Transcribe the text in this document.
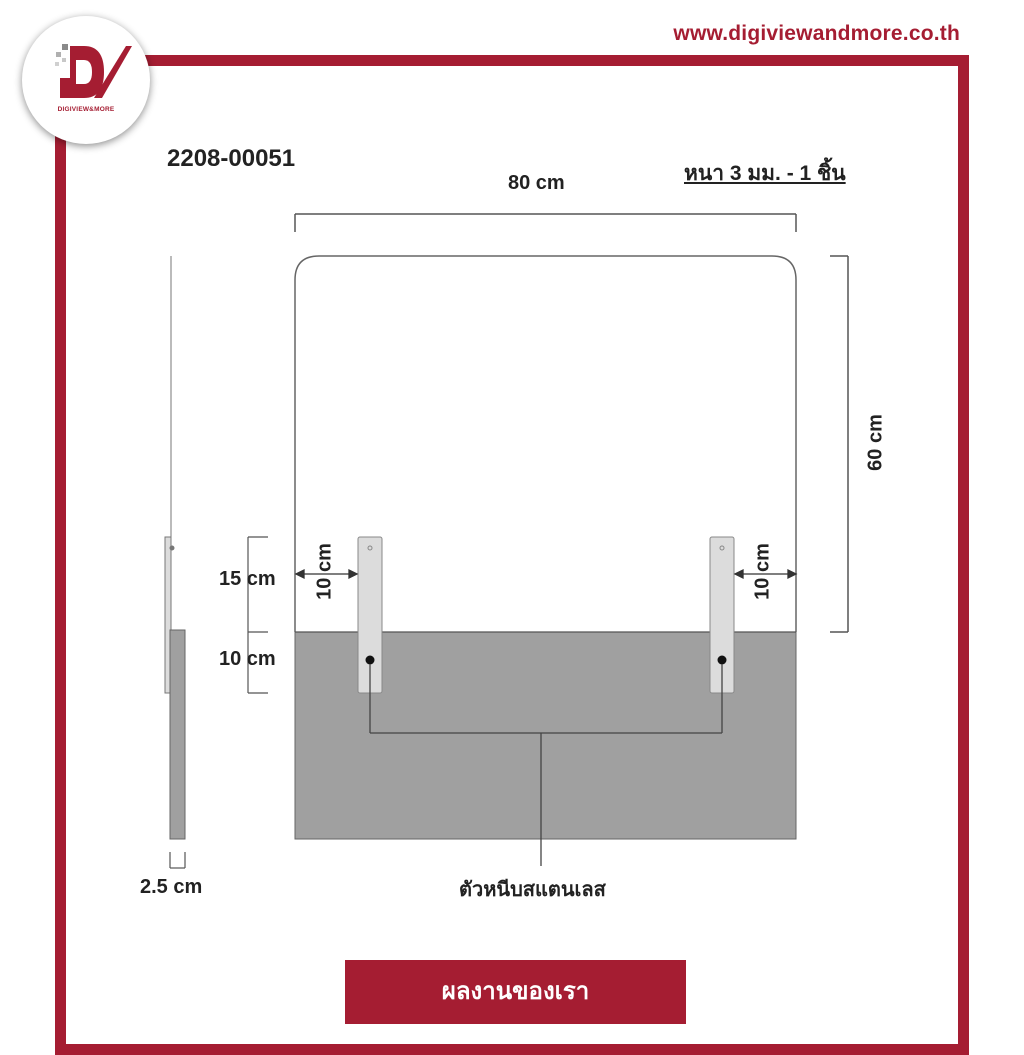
www.digiviewandmore.co.th
DIGIVIEW&MORE
2208-00051
หนา 3 มม. - 1 ชิ้น
80 cm
60 cm
15 cm
10 cm
10 cm	10 cm
2.5 cm	ตัวหนีบสแตนเลส
ผลงานของเรา
